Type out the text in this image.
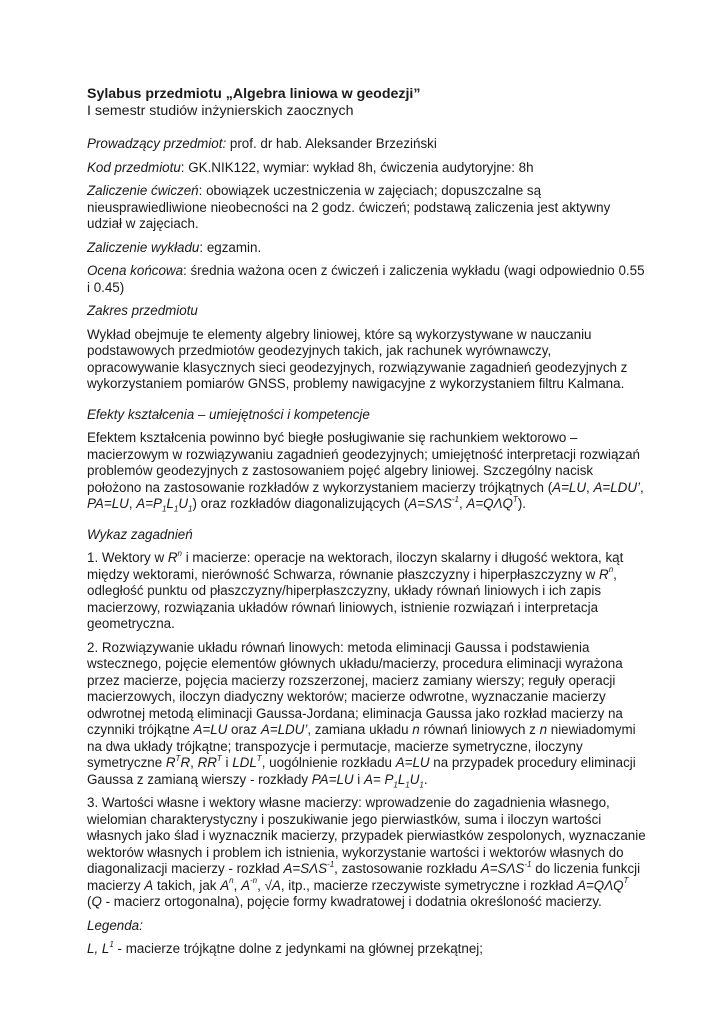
Sylabus przedmiotu „Algebra liniowa w geodezji”

I semestr studiów inżynierskich zaocznych

Prowadzący przedmiot: prof. dr hab. Aleksander Brzeziński

Kod przedmiotu: GK.NIK122, wymiar: wykład 8h, ćwiczenia audytoryjne: 8h

Zaliczenie ćwiczeń: obowiązek uczestniczenia w zajęciach; dopuszczalne są nieusprawiedliwione nieobecności na 2 godz. ćwiczeń; podstawą zaliczenia jest aktywny udział w zajęciach.

Zaliczenie wykładu: egzamin.

Ocena końcowa: średnia ważona ocen z ćwiczeń i zaliczenia wykładu (wagi odpowiednio 0.55 i 0.45)

Zakres przedmiotu

Wykład obejmuje te elementy algebry liniowej, które są wykorzystywane w nauczaniu podstawowych przedmiotów geodezyjnych takich, jak rachunek wyrównawczy, opracowywanie klasycznych sieci geodezyjnych, rozwiązywanie zagadnień geodezyjnych z wykorzystaniem pomiarów GNSS, problemy nawigacyjne z wykorzystaniem filtru Kalmana.

Efekty kształcenia – umiejętności i kompetencje

Efektem kształcenia powinno być biegłe posługiwanie się rachunkiem wektorowo – macierzowym w rozwiązywaniu zagadnień geodezyjnych; umiejętność interpretacji rozwiązań problemów geodezyjnych z zastosowaniem pojęć algebry liniowej. Szczególny nacisk położono na zastosowanie rozkładów z wykorzystaniem macierzy trójkątnych (A=LU, A=LDU’, PA=LU, $A=P_1L_1U_1$) oraz rozkładów diagonalizujących ($A=S\Lambda S^{-1}$, $A=Q\Lambda Q^T$).

Wykaz zagadnień

1. Wektory w $R^n$ i macierze: operacje na wektorach, iloczyn skalarny i długość wektora, kąt między wektorami, nierówność Schwarza, równanie płaszczyzny i hiperpłaszczyzny w $R^n$, odległość punktu od płaszczyzny/hiperpłaszczyzny, układy równań liniowych i ich zapis macierzowy, rozwiązania układów równań liniowych, istnienie rozwiązań i interpretacja geometryczna.

2. Rozwiązywanie układu równań linowych: metoda eliminacji Gaussa i podstawienia wstecznego, pojęcie elementów głównych układu/macierzy, procedura eliminacji wyrażona przez macierze, pojęcia macierzy rozszerzonej, macierz zamiany wierszy; reguły operacji macierzowych, iloczyn diadyczny wektorów; macierze odwrotne, wyznaczanie macierzy odwrotnej metodą eliminacji Gaussa-Jordana; eliminacja Gaussa jako rozkład macierzy na czynniki trójkątne A=LU oraz A=LDU’, zamiana układu n równań liniowych z n niewiadomymi na dwa układy trójkątne; transpozycje i permutacje, macierze symetryczne, iloczyny symetryczne $R^TR$, $RR^T$ i $LDL^T$, uogólnienie rozkładu A=LU na przypadek procedury eliminacji Gaussa z zamianą wierszy - rozkłady PA=LU i $A= P_1L_1U_1$.

3. Wartości własne i wektory własne macierzy: wprowadzenie do zagadnienia własnego, wielomian charakterystyczny i poszukiwanie jego pierwiastków, suma i iloczyn wartości własnych jako ślad i wyznacznik macierzy, przypadek pierwiastków zespolonych, wyznaczanie wektorów własnych i problem ich istnienia, wykorzystanie wartości i wektorów własnych do diagonalizacji macierzy - rozkład $A=S\Lambda S^{-1}$, zastosowanie rozkładu $A=S\Lambda S^{-1}$ do liczenia funkcji macierzy A takich, jak $A^n$, $A^{-n}$, √A, itp., macierze rzeczywiste symetryczne i rozkład $A=Q\Lambda Q^T$ (Q - macierz ortogonalna), pojęcie formy kwadratowej i dodatnia określoność macierzy.

Legenda:

L, $L^1$ - macierze trójkątne dolne z jedynkami na głównej przekątnej;
